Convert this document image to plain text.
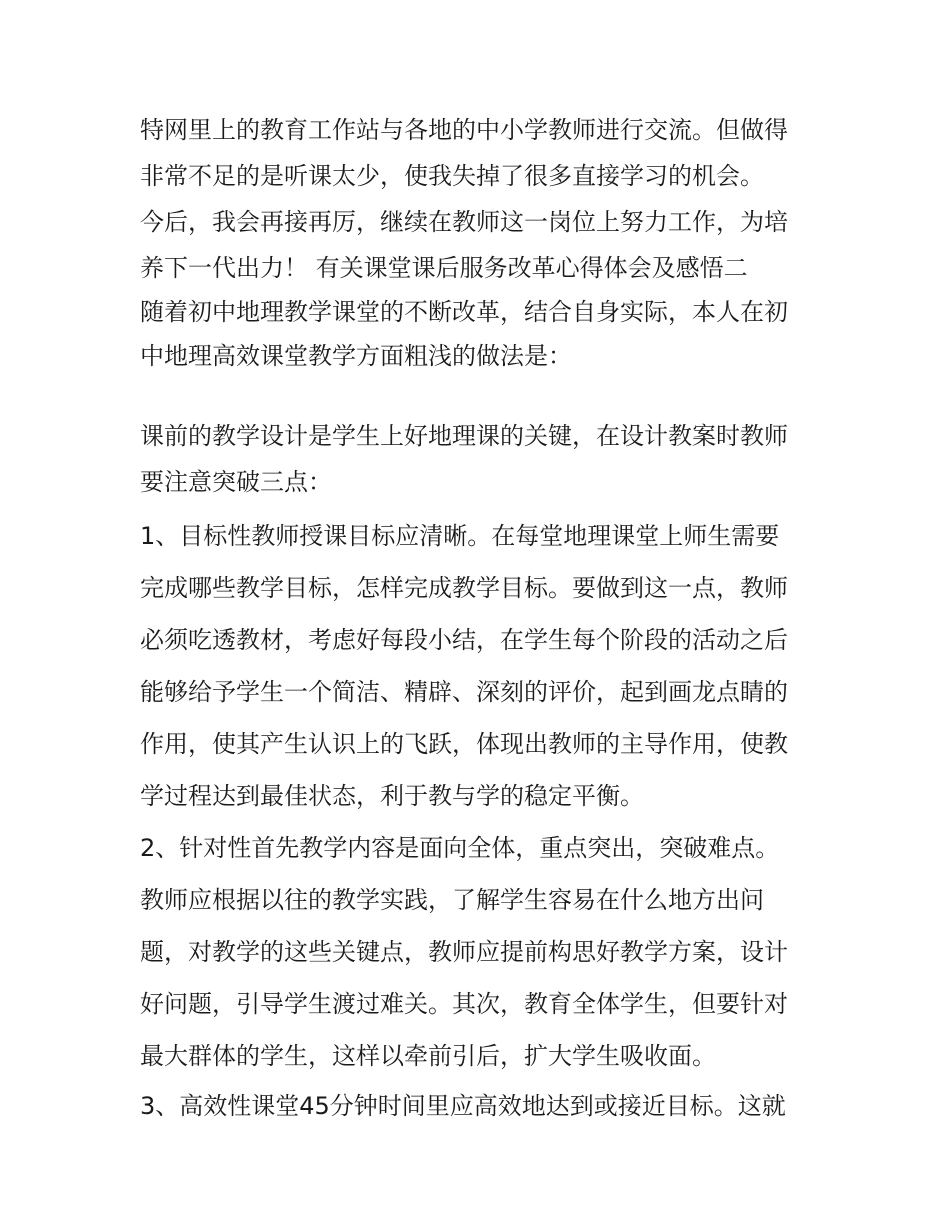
特网里上的教育工作站与各地的中小学教师进行交流。但做得
非常不足的是听课太少，使我失掉了很多直接学习的机会。
今后，我会再接再厉，继续在教师这一岗位上努力工作，为培
养下一代出力！ 有关课堂课后服务改革心得体会及感悟二
随着初中地理教学课堂的不断改革，结合自身实际，本人在初
中地理高效课堂教学方面粗浅的做法是：
课前的教学设计是学生上好地理课的关键，在设计教案时教师
要注意突破三点：
1、目标性教师授课目标应清晰。在每堂地理课堂上师生需要
完成哪些教学目标，怎样完成教学目标。要做到这一点，教师
必须吃透教材，考虑好每段小结，在学生每个阶段的活动之后
能够给予学生一个简洁、精辟、深刻的评价，起到画龙点睛的
作用，使其产生认识上的飞跃，体现出教师的主导作用，使教
学过程达到最佳状态，利于教与学的稳定平衡。
2、针对性首先教学内容是面向全体，重点突出，突破难点。
教师应根据以往的教学实践，了解学生容易在什么地方出问
题，对教学的这些关键点，教师应提前构思好教学方案，设计
好问题，引导学生渡过难关。其次，教育全体学生，但要针对
最大群体的学生，这样以牵前引后，扩大学生吸收面。
3、高效性课堂45分钟时间里应高效地达到或接近目标。这就
